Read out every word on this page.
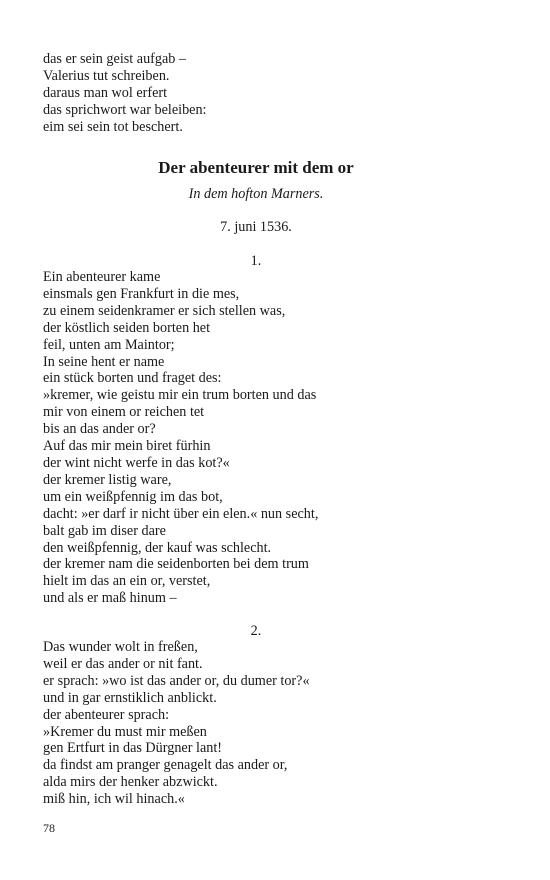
das er sein geist aufgab –
Valerius tut schreiben.
daraus man wol erfert
das sprichwort war beleiben:
eim sei sein tot beschert.
Der abenteurer mit dem or
In dem hofton Marners.
7. juni 1536.
1.
Ein abenteurer kame
einsmals gen Frankfurt in die mes,
zu einem seidenkramer er sich stellen was,
der köstlich seiden borten het
feil, unten am Maintor;
In seine hent er name
ein stück borten und fraget des:
»kremer, wie geistu mir ein trum borten und das
mir von einem or reichen tet
bis an das ander or?
Auf das mir mein biret fürhin
der wint nicht werfe in das kot?«
der kremer listig ware,
um ein weißpfennig im das bot,
dacht: »er darf ir nicht über ein elen.« nun secht,
balt gab im diser dare
den weißpfennig, der kauf was schlecht.
der kremer nam die seidenborten bei dem trum
hielt im das an ein or, verstet,
und als er maß hinum –
2.
Das wunder wolt in freßen,
weil er das ander or nit fant.
er sprach: »wo ist das ander or, du dumer tor?«
und in gar ernstiklich anblickt.
der abenteurer sprach:
»Kremer du must mir meßen
gen Ertfurt in das Dürgner lant!
da findst am pranger genagelt das ander or,
alda mirs der henker abzwickt.
miß hin, ich wil hinach.«
78
